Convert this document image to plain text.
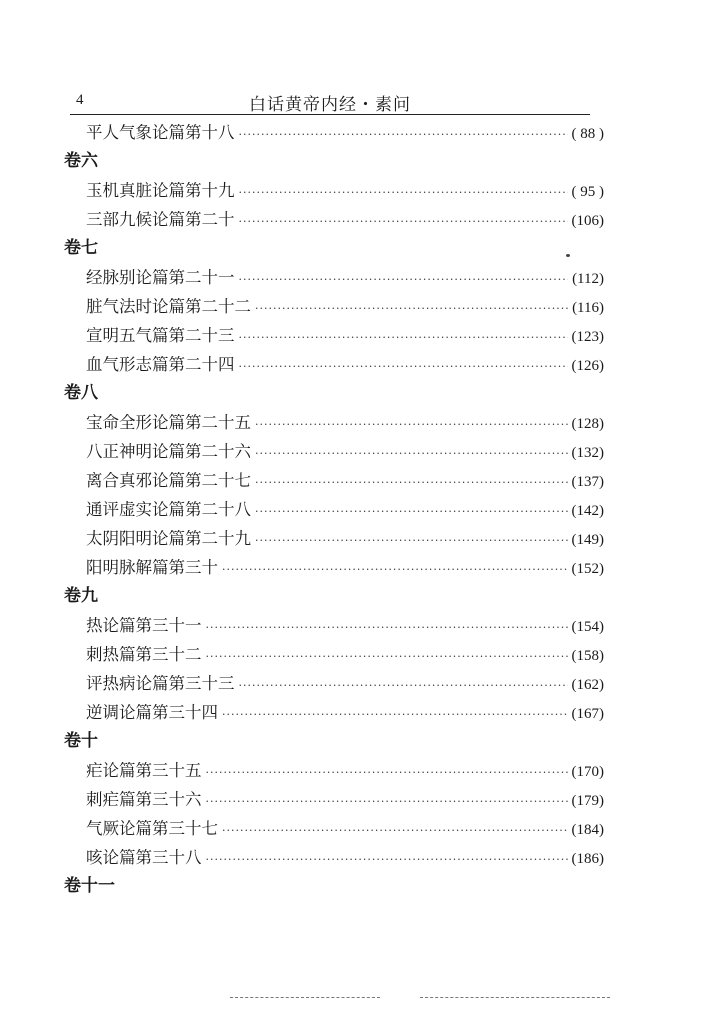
4	白话黄帝内经・素问
平人气象论篇第十八 ·····	( 88 )
卷六
玉机真脏论篇第十九 ·····	( 95 )
三部九候论篇第二十 ·····	(106)
卷七
经脉别论篇第二十一 ·····	(112)
脏气法时论篇第二十二 ·····	(116)
宣明五气篇第二十三 ·····	(123)
血气形志篇第二十四 ·····	(126)
卷八
宝命全形论篇第二十五 ·····	(128)
八正神明论篇第二十六 ·····	(132)
离合真邪论篇第二十七 ·····	(137)
通评虚实论篇第二十八 ·····	(142)
太阴阳明论篇第二十九 ·····	(149)
阳明脉解篇第三十 ·····	(152)
卷九
热论篇第三十一 ·····	(154)
刺热篇第三十二 ·····	(158)
评热病论篇第三十三 ·····	(162)
逆调论篇第三十四 ·····	(167)
卷十
疟论篇第三十五 ·····	(170)
刺疟篇第三十六 ·····	(179)
气厥论篇第三十七 ·····	(184)
咳论篇第三十八 ·····	(186)
卷十一
